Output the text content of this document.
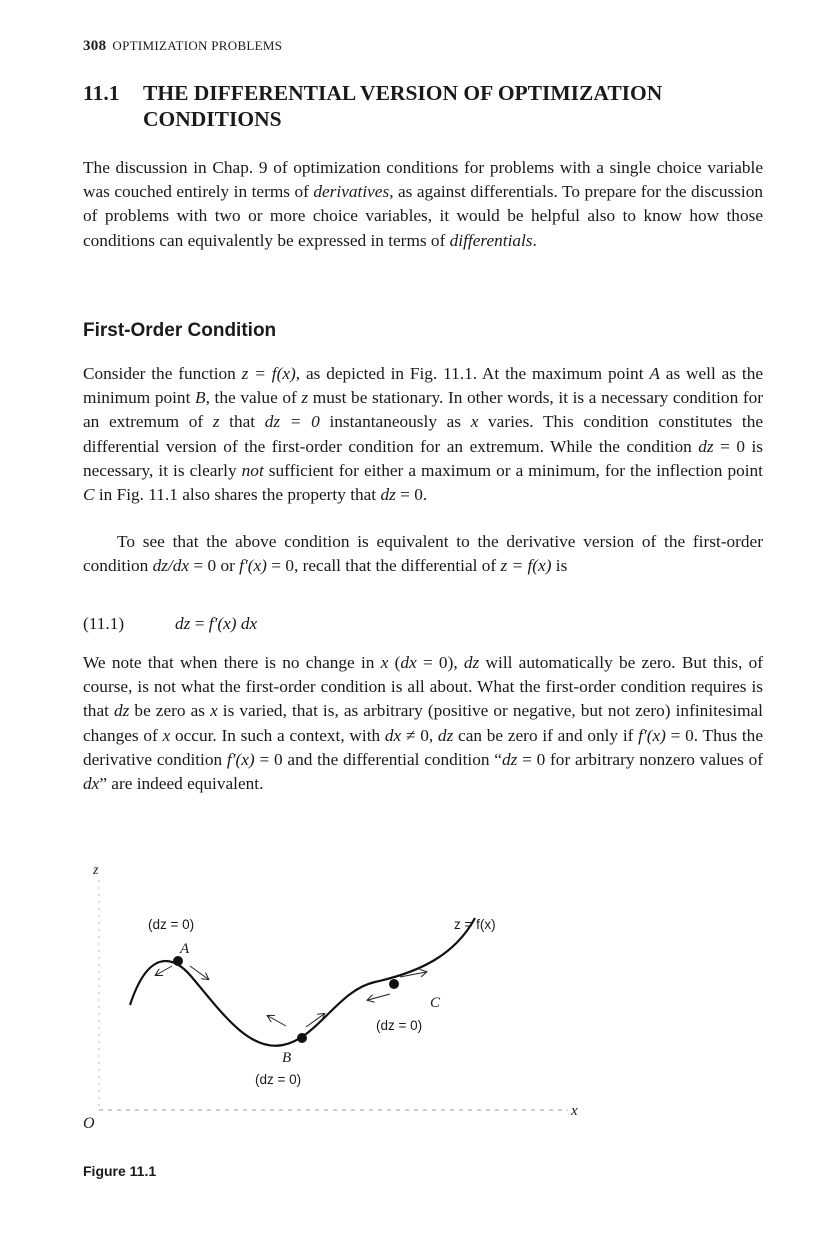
308 OPTIMIZATION PROBLEMS
11.1 THE DIFFERENTIAL VERSION OF OPTIMIZATION
CONDITIONS
The discussion in Chap. 9 of optimization conditions for problems with a single choice variable was couched entirely in terms of derivatives, as against differentials. To prepare for the discussion of problems with two or more choice variables, it would be helpful also to know how those conditions can equivalently be expressed in terms of differentials.
First-Order Condition
Consider the function z = f(x), as depicted in Fig. 11.1. At the maximum point A as well as the minimum point B, the value of z must be stationary. In other words, it is a necessary condition for an extremum of z that dz = 0 instantaneously as x varies. This condition constitutes the differential version of the first-order condition for an extremum. While the condition dz = 0 is necessary, it is clearly not sufficient for either a maximum or a minimum, for the inflection point C in Fig. 11.1 also shares the property that dz = 0.
To see that the above condition is equivalent to the derivative version of the first-order condition dz/dx = 0 or f′(x) = 0, recall that the differential of z = f(x) is
(11.1)	dz = f′(x) dx
We note that when there is no change in x (dx = 0), dz will automatically be zero. But this, of course, is not what the first-order condition is all about. What the first-order condition requires is that dz be zero as x is varied, that is, as arbitrary (positive or negative, but not zero) infinitesimal changes of x occur. In such a context, with dx ≠ 0, dz can be zero if and only if f′(x) = 0. Thus the derivative condition f′(x) = 0 and the differential condition “dz = 0 for arbitrary nonzero values of dx” are indeed equivalent.
z
O
x
(dz = 0)	z = f(x)
(dz = 0)
(dz = 0)
A
B
C
Figure 11.1
